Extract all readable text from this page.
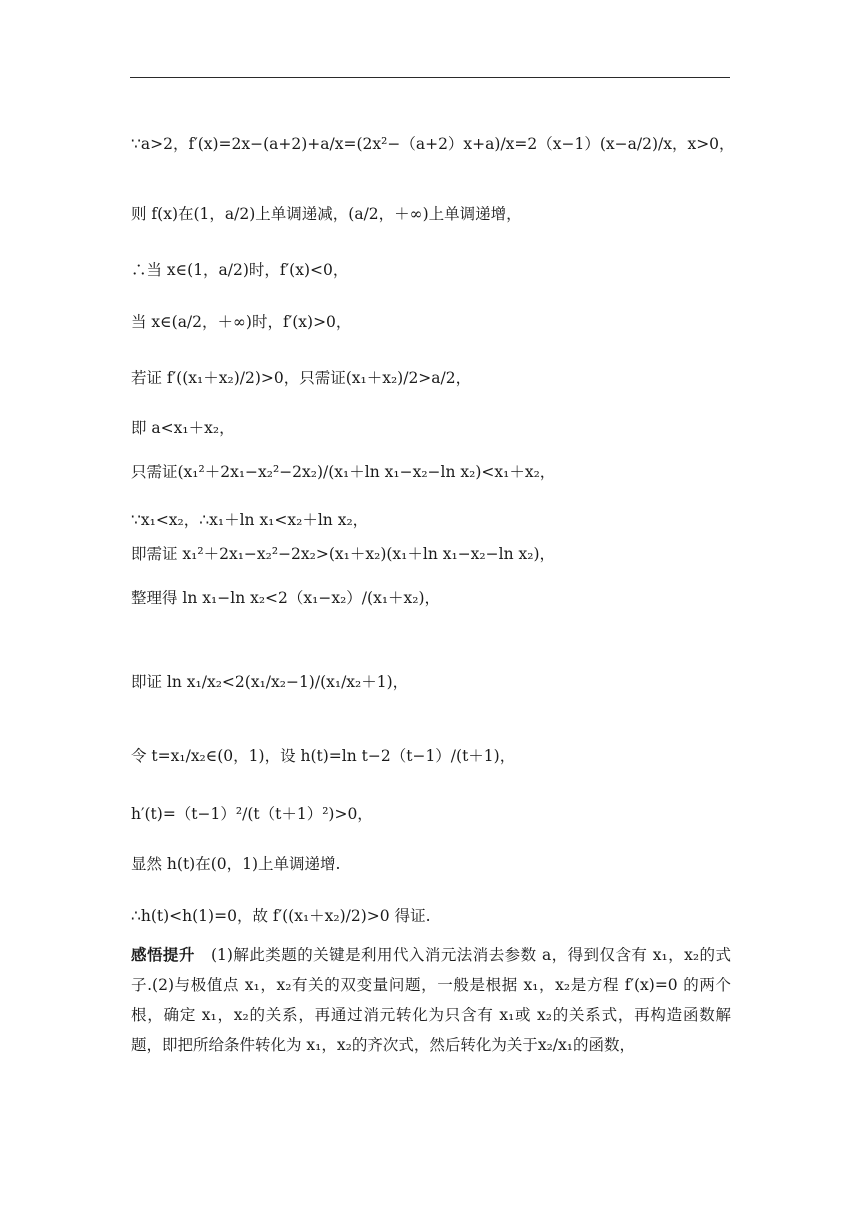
∵a>2，f′(x)=2x−(a+2)+a/x=(2x²−（a+2）x+a)/x=2（x−1）(x−a/2)/x，x>0，
则 f(x)在(1，a/2)上单调递减，(a/2，＋∞)上单调递增，
∴当 x∈(1，a/2)时，f′(x)<0，
当 x∈(a/2，＋∞)时，f′(x)>0，
若证 f′((x₁＋x₂)/2)>0，只需证(x₁＋x₂)/2>a/2，
即 a<x₁＋x₂，
只需证(x₁²＋2x₁−x₂²−2x₂)/(x₁＋ln x₁−x₂−ln x₂)<x₁＋x₂，
∵x₁<x₂，∴x₁＋ln x₁<x₂＋ln x₂，
即需证 x₁²＋2x₁−x₂²−2x₂>(x₁＋x₂)(x₁＋ln x₁−x₂−ln x₂)，
整理得 ln x₁−ln x₂<2（x₁−x₂）/(x₁＋x₂)，
即证 ln x₁/x₂<2(x₁/x₂−1)/(x₁/x₂＋1)，
令 t=x₁/x₂∈(0，1)，设 h(t)=ln t−2（t−1）/(t＋1)，
h′(t)=（t−1）²/(t（t＋1）²)>0，
显然 h(t)在(0，1)上单调递增.
∴h(t)<h(1)=0，故 f′((x₁＋x₂)/2)>0 得证.

感悟提升 (1)解此类题的关键是利用代入消元法消去参数 a，得到仅含有 x₁，x₂的式子.(2)与极值点 x₁，x₂有关的双变量问题，一般是根据 x₁，x₂是方程 f′(x)=0 的两个根，确定 x₁，x₂的关系，再通过消元转化为只含有 x₁或 x₂的关系式，再构造函数解题，即把所给条件转化为 x₁，x₂的齐次式，然后转化为关于x₂/x₁的函数，
